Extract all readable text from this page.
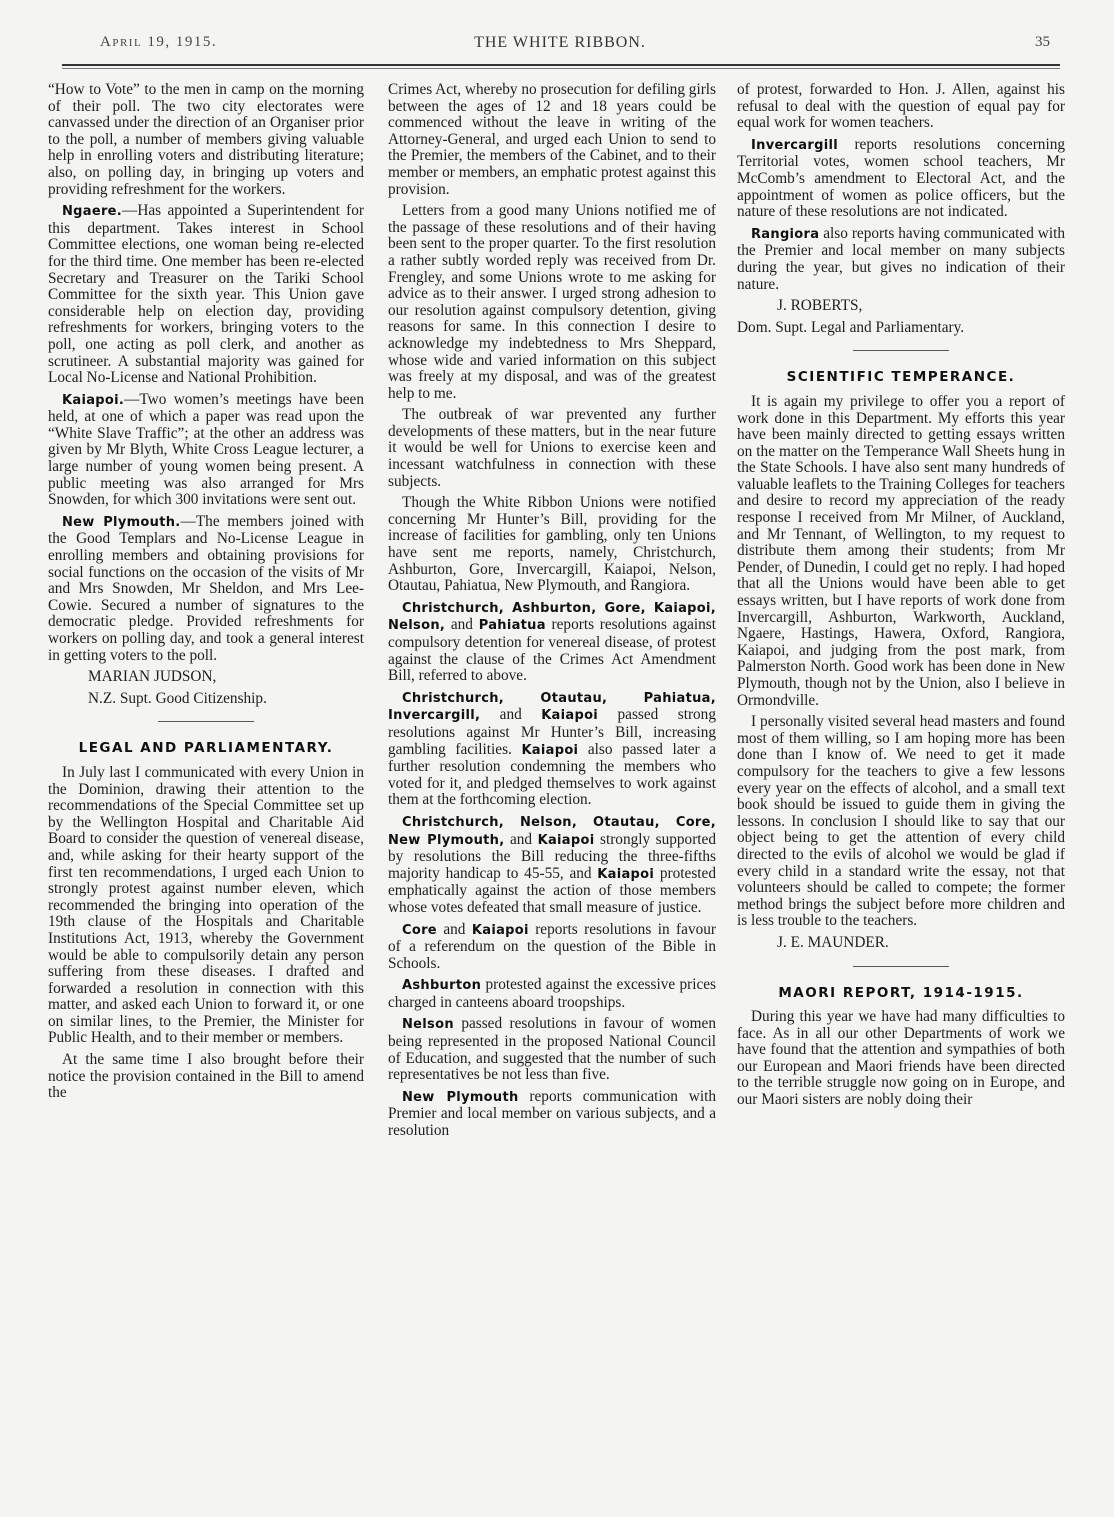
April 19, 1915.	THE WHITE RIBBON.	35

“How to Vote” to the men in camp on the morning of their poll. The two city electorates were canvassed under the direction of an Organiser prior to the poll, a number of members giving valuable help in enrolling voters and distributing literature; also, on polling day, in bringing up voters and providing refreshment for the workers.

Ngaere.—Has appointed a Superintendent for this department. Takes interest in School Committee elections, one woman being re-elected for the third time. One member has been re-elected Secretary and Treasurer on the Tariki School Committee for the sixth year. This Union gave considerable help on election day, providing refreshments for workers, bringing voters to the poll, one acting as poll clerk, and another as scrutineer. A substantial majority was gained for Local No-License and National Prohibition.

Kaiapoi.—Two women’s meetings have been held, at one of which a paper was read upon the “White Slave Traffic”; at the other an address was given by Mr Blyth, White Cross League lecturer, a large number of young women being present. A public meeting was also arranged for Mrs Snowden, for which 300 invitations were sent out.

New Plymouth.—The members joined with the Good Templars and No-License League in enrolling members and obtaining provisions for social functions on the occasion of the visits of Mr and Mrs Snowden, Mr Sheldon, and Mrs Lee-Cowie. Secured a number of signatures to the democratic pledge. Provided refreshments for workers on polling day, and took a general interest in getting voters to the poll.

MARIAN JUDSON,

N.Z. Supt. Good Citizenship.

LEGAL AND PARLIAMENTARY.

In July last I communicated with every Union in the Dominion, drawing their attention to the recommendations of the Special Committee set up by the Wellington Hospital and Charitable Aid Board to consider the question of venereal disease, and, while asking for their hearty support of the first ten recommendations, I urged each Union to strongly protest against number eleven, which recommended the bringing into operation of the 19th clause of the Hospitals and Charitable Institutions Act, 1913, whereby the Government would be able to compulsorily detain any person suffering from these diseases. I drafted and forwarded a resolution in connection with this matter, and asked each Union to forward it, or one on similar lines, to the Premier, the Minister for Public Health, and to their member or members.

At the same time I also brought before their notice the provision contained in the Bill to amend the

Crimes Act, whereby no prosecution for defiling girls between the ages of 12 and 18 years could be commenced without the leave in writing of the Attorney-General, and urged each Union to send to the Premier, the members of the Cabinet, and to their member or members, an emphatic protest against this provision.

Letters from a good many Unions notified me of the passage of these resolutions and of their having been sent to the proper quarter. To the first resolution a rather subtly worded reply was received from Dr. Frengley, and some Unions wrote to me asking for advice as to their answer. I urged strong adhesion to our resolution against compulsory detention, giving reasons for same. In this connection I desire to acknowledge my indebtedness to Mrs Sheppard, whose wide and varied information on this subject was freely at my disposal, and was of the greatest help to me.

The outbreak of war prevented any further developments of these matters, but in the near future it would be well for Unions to exercise keen and incessant watchfulness in connection with these subjects.

Though the White Ribbon Unions were notified concerning Mr Hunter’s Bill, providing for the increase of facilities for gambling, only ten Unions have sent me reports, namely, Christchurch, Ashburton, Gore, Invercargill, Kaiapoi, Nelson, Otautau, Pahiatua, New Plymouth, and Rangiora.

Christchurch, Ashburton, Gore, Kaiapoi, Nelson, and Pahiatua reports resolutions against compulsory detention for venereal disease, of protest against the clause of the Crimes Act Amendment Bill, referred to above.

Christchurch, Otautau, Pahiatua, Invercargill, and Kaiapoi passed strong resolutions against Mr Hunter’s Bill, increasing gambling facilities. Kaiapoi also passed later a further resolution condemning the members who voted for it, and pledged themselves to work against them at the forthcoming election.

Christchurch, Nelson, Otautau, Core, New Plymouth, and Kaiapoi strongly supported by resolutions the Bill reducing the three-fifths majority handicap to 45-55, and Kaiapoi protested emphatically against the action of those members whose votes defeated that small measure of justice.

Core and Kaiapoi reports resolutions in favour of a referendum on the question of the Bible in Schools.

Ashburton protested against the excessive prices charged in canteens aboard troopships.

Nelson passed resolutions in favour of women being represented in the proposed National Council of Education, and suggested that the number of such representatives be not less than five.

New Plymouth reports communication with Premier and local member on various subjects, and a resolution

of protest, forwarded to Hon. J. Allen, against his refusal to deal with the question of equal pay for equal work for women teachers.

Invercargill reports resolutions concerning Territorial votes, women school teachers, Mr McComb’s amendment to Electoral Act, and the appointment of women as police officers, but the nature of these resolutions are not indicated.

Rangiora also reports having communicated with the Premier and local member on many subjects during the year, but gives no indication of their nature.

J. ROBERTS,

Dom. Supt. Legal and Parliamentary.

SCIENTIFIC TEMPERANCE.

It is again my privilege to offer you a report of work done in this Department. My efforts this year have been mainly directed to getting essays written on the matter on the Temperance Wall Sheets hung in the State Schools. I have also sent many hundreds of valuable leaflets to the Training Colleges for teachers and desire to record my appreciation of the ready response I received from Mr Milner, of Auckland, and Mr Tennant, of Wellington, to my request to distribute them among their students; from Mr Pender, of Dunedin, I could get no reply. I had hoped that all the Unions would have been able to get essays written, but I have reports of work done from Invercargill, Ashburton, Warkworth, Auckland, Ngaere, Hastings, Hawera, Oxford, Rangiora, Kaiapoi, and judging from the post mark, from Palmerston North. Good work has been done in New Plymouth, though not by the Union, also I believe in Ormondville.

I personally visited several head masters and found most of them willing, so I am hoping more has been done than I know of. We need to get it made compulsory for the teachers to give a few lessons every year on the effects of alcohol, and a small text book should be issued to guide them in giving the lessons. In conclusion I should like to say that our object being to get the attention of every child directed to the evils of alcohol we would be glad if every child in a standard write the essay, not that volunteers should be called to compete; the former method brings the subject before more children and is less trouble to the teachers.

J. E. MAUNDER.

MAORI REPORT, 1914-1915.

During this year we have had many difficulties to face. As in all our other Departments of work we have found that the attention and sympathies of both our European and Maori friends have been directed to the terrible struggle now going on in Europe, and our Maori sisters are nobly doing their
